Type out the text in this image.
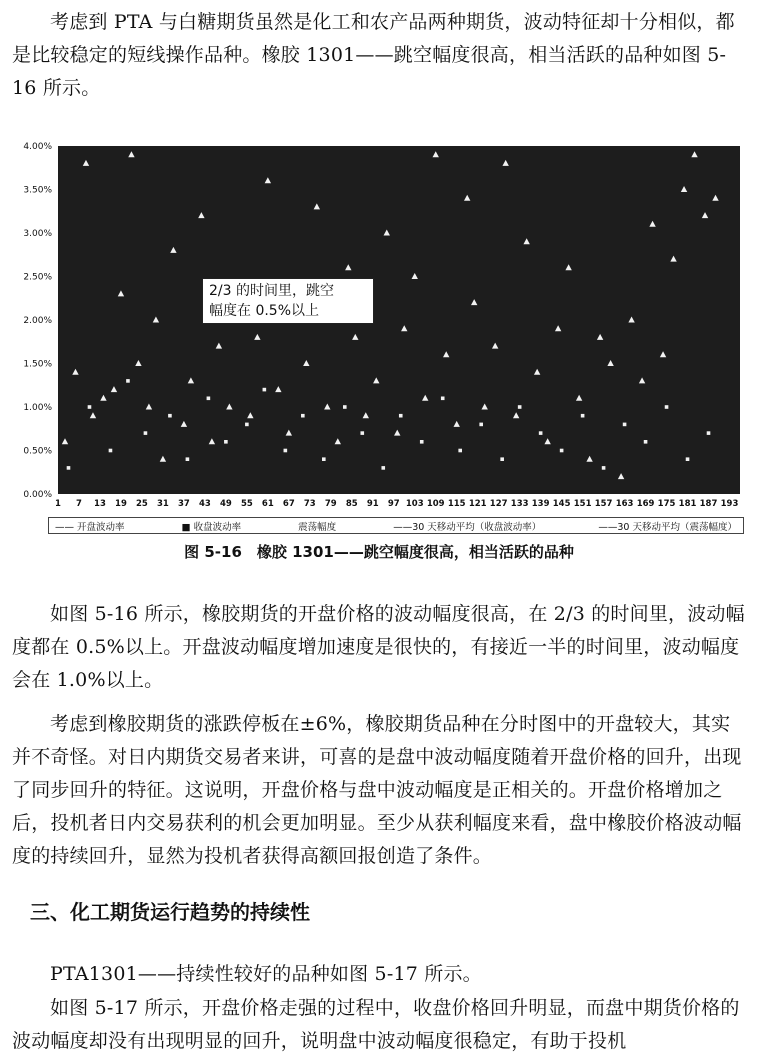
考虑到 PTA 与白糖期货虽然是化工和农产品两种期货，波动特征却十分相似，都是比较稳定的短线操作品种。橡胶 1301——跳空幅度很高，相当活跃的品种如图 5-16 所示。

0.00%
0.50%
1.00%
1.50%
2.00%
2.50%
3.00%
3.50%
4.00%
1 7 13 19 25 31 37 43 49 55 61 67 73 79 85 91 97 103 109 115 121 127 133 139 145 151 157 163 169 175 181 187 193
2/3 的时间里，跳空
幅度在 0.5%以上
—— 开盘波动率	■ 收盘波动率	震荡幅度	——30 天移动平均（收盘波动率）	——30 天移动平均（震荡幅度）
图 5-16　橡胶 1301——跳空幅度很高，相当活跃的品种

如图 5-16 所示，橡胶期货的开盘价格的波动幅度很高，在 2/3 的时间里，波动幅度都在 0.5%以上。开盘波动幅度增加速度是很快的，有接近一半的时间里，波动幅度会在 1.0%以上。

考虑到橡胶期货的涨跌停板在±6%，橡胶期货品种在分时图中的开盘较大，其实并不奇怪。对日内期货交易者来讲，可喜的是盘中波动幅度随着开盘价格的回升，出现了同步回升的特征。这说明，开盘价格与盘中波动幅度是正相关的。开盘价格增加之后，投机者日内交易获利的机会更加明显。至少从获利幅度来看，盘中橡胶价格波动幅度的持续回升，显然为投机者获得高额回报创造了条件。

三、化工期货运行趋势的持续性

PTA1301——持续性较好的品种如图 5-17 所示。

如图 5-17 所示，开盘价格走强的过程中，收盘价格回升明显，而盘中期货价格的波动幅度却没有出现明显的回升，说明盘中波动幅度很稳定，有助于投机
